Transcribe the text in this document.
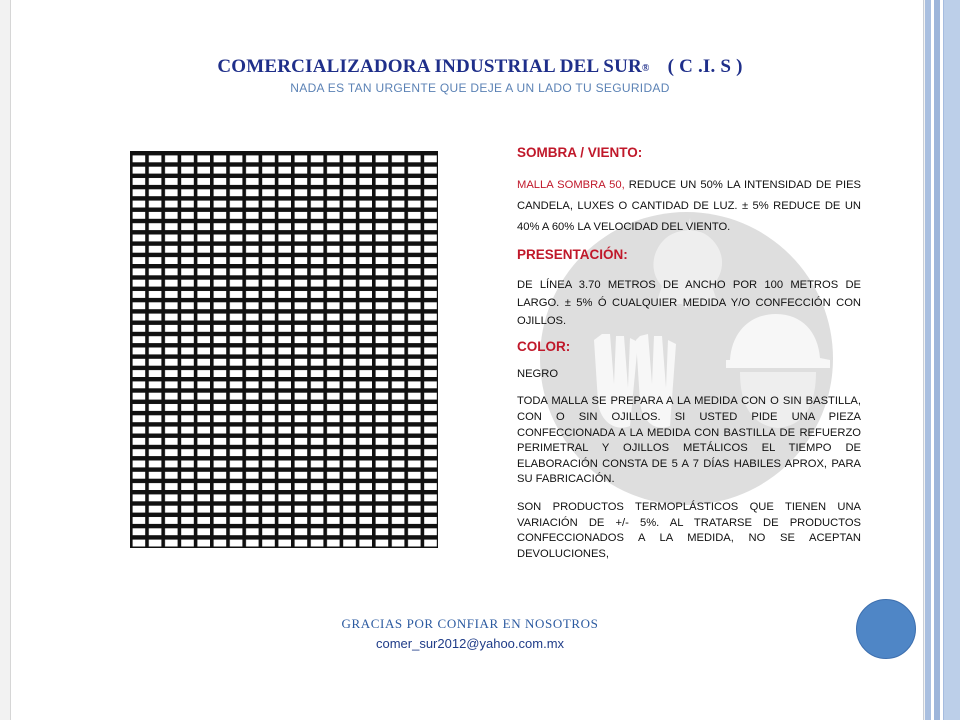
COMERCIALIZADORA INDUSTRIAL DEL SUR® ( C .I. S )
NADA ES TAN URGENTE QUE DEJE A UN LADO TU SEGURIDAD
SOMBRA / VIENTO:

MALLA SOMBRA 50, REDUCE UN 50% LA INTENSIDAD DE PIES CANDELA, LUXES O CANTIDAD DE LUZ. ± 5% REDUCE DE UN 40% A 60% LA VELOCIDAD DEL VIENTO.

PRESENTACIÓN:

DE LÍNEA 3.70 METROS DE ANCHO POR 100 METROS DE LARGO. ± 5% Ó CUALQUIER MEDIDA Y/O CONFECCIÓN CON OJILLOS.

COLOR:

NEGRO

TODA MALLA SE PREPARA A LA MEDIDA CON O SIN BASTILLA, CON O SIN OJILLOS. SI USTED PIDE UNA PIEZA CONFECCIONADA A LA MEDIDA CON BASTILLA DE REFUERZO PERIMETRAL Y OJILLOS METÁLICOS EL TIEMPO DE ELABORACIÓN CONSTA DE 5 A 7 DÍAS HABILES APROX, PARA SU FABRICACIÓN.

SON PRODUCTOS TERMOPLÁSTICOS QUE TIENEN UNA VARIACIÓN DE +/- 5%. AL TRATARSE DE PRODUCTOS CONFECCIONADOS A LA MEDIDA, NO SE ACEPTAN DEVOLUCIONES,

GRACIAS POR CONFIAR EN NOSOTROS
comer_sur2012@yahoo.com.mx
